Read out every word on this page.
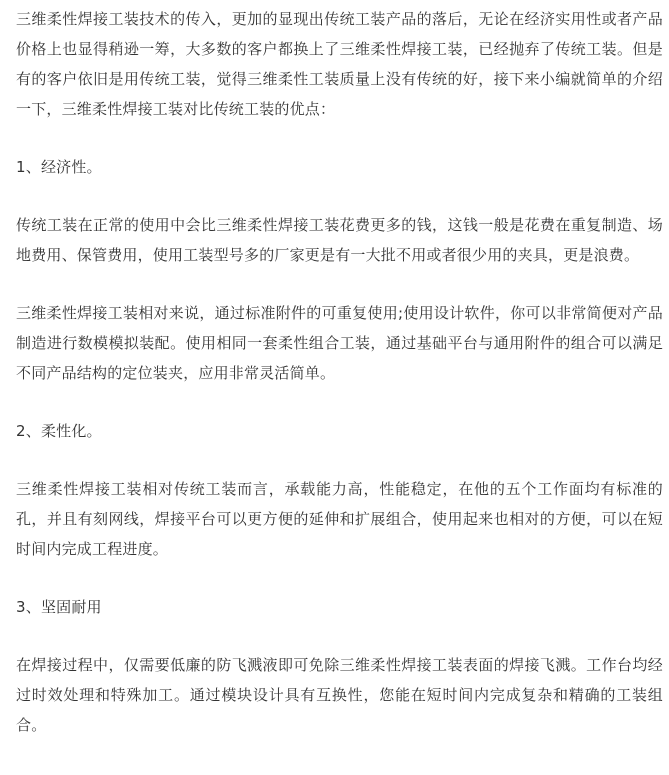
三维柔性焊接工装技术的传入，更加的显现出传统工装产品的落后，无论在经济实用性或者产品价格上也显得稍逊一筹，大多数的客户都换上了三维柔性焊接工装，已经抛弃了传统工装。但是有的客户依旧是用传统工装，觉得三维柔性工装质量上没有传统的好，接下来小编就简单的介绍一下，三维柔性焊接工装对比传统工装的优点：

1、经济性。

传统工装在正常的使用中会比三维柔性焊接工装花费更多的钱，这钱一般是花费在重复制造、场地费用、保管费用，使用工装型号多的厂家更是有一大批不用或者很少用的夹具，更是浪费。

三维柔性焊接工装相对来说，通过标准附件的可重复使用;使用设计软件，你可以非常简便对产品制造进行数模模拟装配。使用相同一套柔性组合工装，通过基础平台与通用附件的组合可以满足不同产品结构的定位装夹，应用非常灵活简单。

2、柔性化。

三维柔性焊接工装相对传统工装而言，承载能力高，性能稳定，在他的五个工作面均有标准的孔，并且有刻网线，焊接平台可以更方便的延伸和扩展组合，使用起来也相对的方便，可以在短时间内完成工程进度。

3、坚固耐用

在焊接过程中，仅需要低廉的防飞溅液即可免除三维柔性焊接工装表面的焊接飞溅。工作台均经过时效处理和特殊加工。通过模块设计具有互换性，您能在短时间内完成复杂和精确的工装组合。
